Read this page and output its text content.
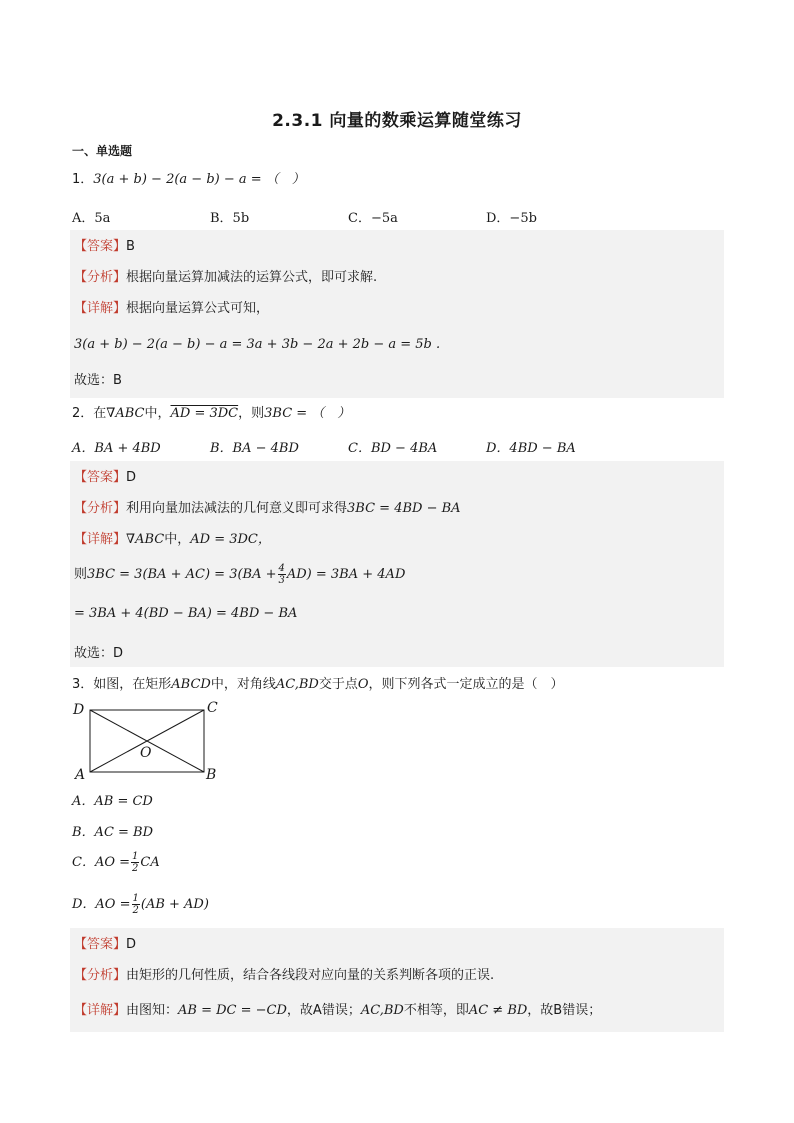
2.3.1 向量的数乘运算随堂练习
一、单选题
1．3(a + b) − 2(a − b) − a = （　）
A．5a	B．5b	C．−5a	D．−5b
【答案】B
【分析】根据向量运算加减法的运算公式，即可求解.
【详解】根据向量运算公式可知，
3(a + b) − 2(a − b) − a = 3a + 3b − 2a + 2b − a = 5b .
故选：B
2．在∇ABC中，AD = 3DC，则3BC = （　）
A．BA + 4BD	B．BA − 4BD	C．BD − 4BA	D．4BD − BA
【答案】D
【分析】利用向量加法减法的几何意义即可求得3BC = 4BD − BA
【详解】∇ABC中，AD = 3DC，
则$3BC = 3(BA + AC) = 3(BA + \frac{4}{3} AD) = 3BA + 4AD$
= 3BA + 4(BD − BA) = 4BD − BA
故选：D
3．如图，在矩形ABCD中，对角线AC,BD交于点O，则下列各式一定成立的是（　）
D	C
O
A	B
A．AB = CD
B．AC = BD
C．AO = $\frac{1}{2}$ CA
D．AO = $\frac{1}{2} (AB + AD)$
【答案】D
【分析】由矩形的几何性质，结合各线段对应向量的关系判断各项的正误.
【详解】由图知：AB = DC = −CD，故A错误；AC,BD不相等，即AC ≠ BD，故B错误；
